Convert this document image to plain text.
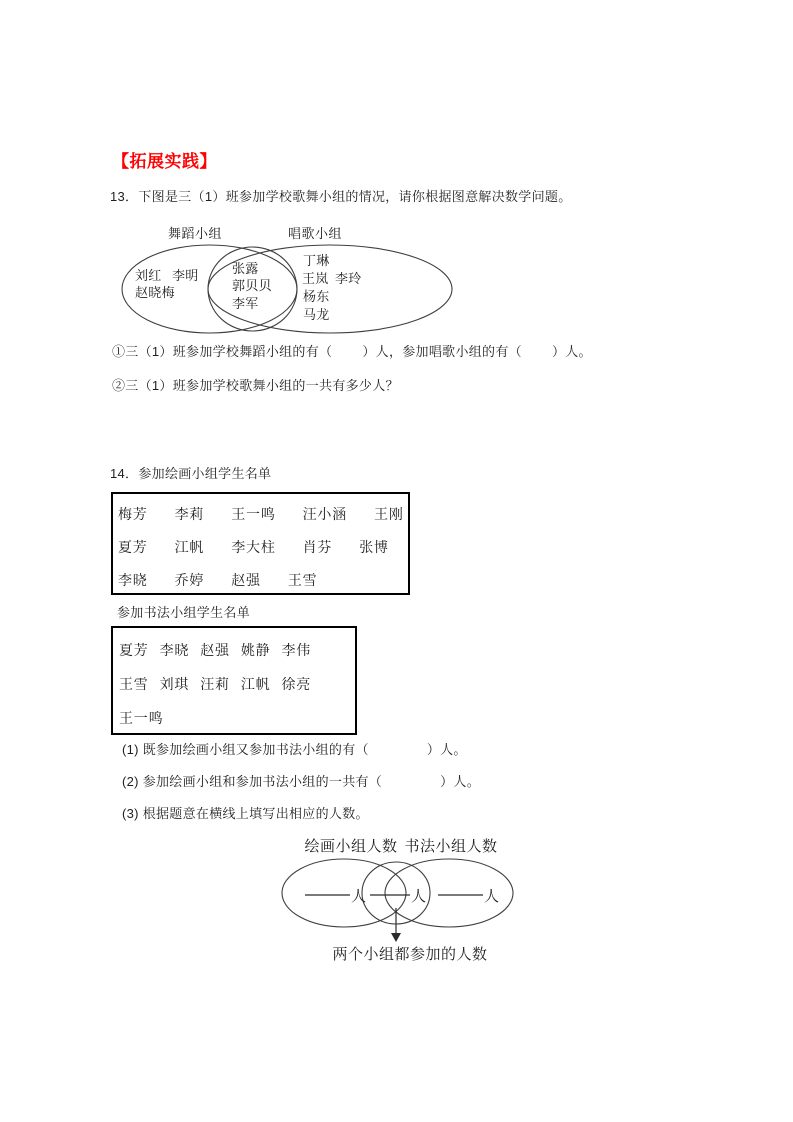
【拓展实践】
13．下图是三（1）班参加学校歌舞小组的情况，请你根据图意解决数学问题。
舞蹈小组	唱歌小组
刘红 李明
赵晓梅
张露
郭贝贝
李军
丁琳
王岚 李玲
杨东
马龙
①三（1）班参加学校舞蹈小组的有（ ）人，参加唱歌小组的有（ ）人。
②三（1）班参加学校歌舞小组的一共有多少人？
14．参加绘画小组学生名单
梅芳 李莉 王一鸣 汪小涵 王刚
夏芳 江帆 李大柱 肖芬 张博
李晓 乔婷 赵强 王雪
参加书法小组学生名单
夏芳 李晓 赵强 姚静 李伟
王雪 刘琪 汪莉 江帆 徐亮
王一鸣
(1) 既参加绘画小组又参加书法小组的有（	）人。
(2) 参加绘画小组和参加书法小组的一共有（	）人。
(3) 根据题意在横线上填写出相应的人数。
绘画小组人数 书法小组人数
人	人	人
两个小组都参加的人数
